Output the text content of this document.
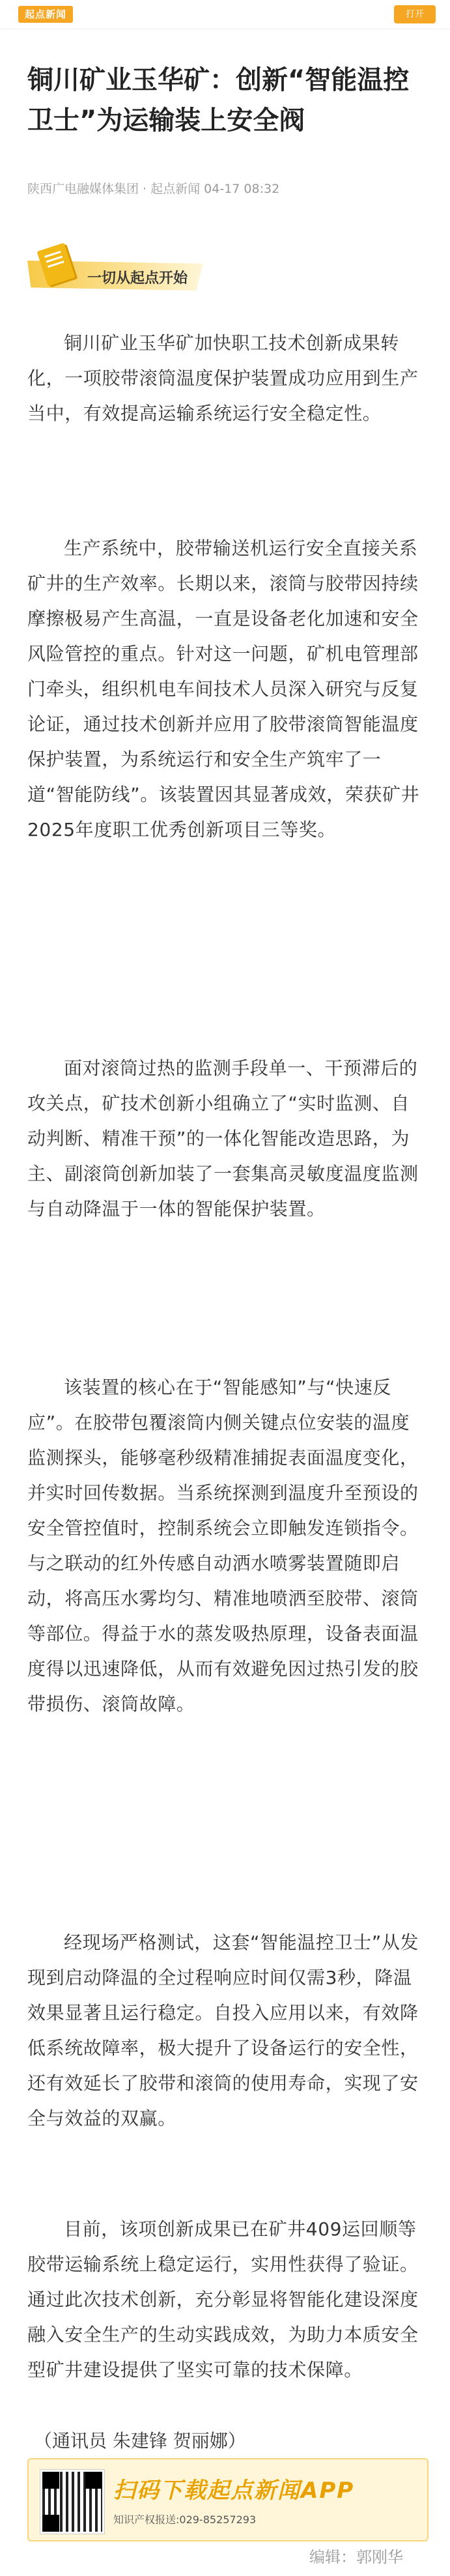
起点新闻	打开
铜川矿业玉华矿：创新“智能温控卫士”为运输装上安全阀
陕西广电融媒体集团 · 起点新闻 04-17 08:32
一切从起点开始

铜川矿业玉华矿加快职工技术创新成果转化，一项胶带滚筒温度保护装置成功应用到生产当中，有效提高运输系统运行安全稳定性。

生产系统中，胶带输送机运行安全直接关系矿井的生产效率。长期以来，滚筒与胶带因持续摩擦极易产生高温，一直是设备老化加速和安全风险管控的重点。针对这一问题，矿机电管理部门牵头，组织机电车间技术人员深入研究与反复论证，通过技术创新并应用了胶带滚筒智能温度保护装置，为系统运行和安全生产筑牢了一道“智能防线”。该装置因其显著成效，荣获矿井2025年度职工优秀创新项目三等奖。

面对滚筒过热的监测手段单一、干预滞后的攻关点，矿技术创新小组确立了“实时监测、自动判断、精准干预”的一体化智能改造思路，为主、副滚筒创新加装了一套集高灵敏度温度监测与自动降温于一体的智能保护装置。

该装置的核心在于“智能感知”与“快速反应”。在胶带包覆滚筒内侧关键点位安装的温度监测探头，能够毫秒级精准捕捉表面温度变化，并实时回传数据。当系统探测到温度升至预设的安全管控值时，控制系统会立即触发连锁指令。与之联动的红外传感自动洒水喷雾装置随即启动，将高压水雾均匀、精准地喷洒至胶带、滚筒等部位。得益于水的蒸发吸热原理，设备表面温度得以迅速降低，从而有效避免因过热引发的胶带损伤、滚筒故障。

经现场严格测试，这套“智能温控卫士”从发现到启动降温的全过程响应时间仅需3秒，降温效果显著且运行稳定。自投入应用以来，有效降低系统故障率，极大提升了设备运行的安全性，还有效延长了胶带和滚筒的使用寿命，实现了安全与效益的双赢。

目前，该项创新成果已在矿井409运回顺等胶带运输系统上稳定运行，实用性获得了验证。通过此次技术创新，充分彰显将智能化建设深度融入安全生产的生动实践成效，为助力本质安全型矿井建设提供了坚实可靠的技术保障。

（通讯员 朱建锋 贺丽娜）
扫码下载起点新闻APP
知识产权报送:029-85257293
编辑：郭刚华
